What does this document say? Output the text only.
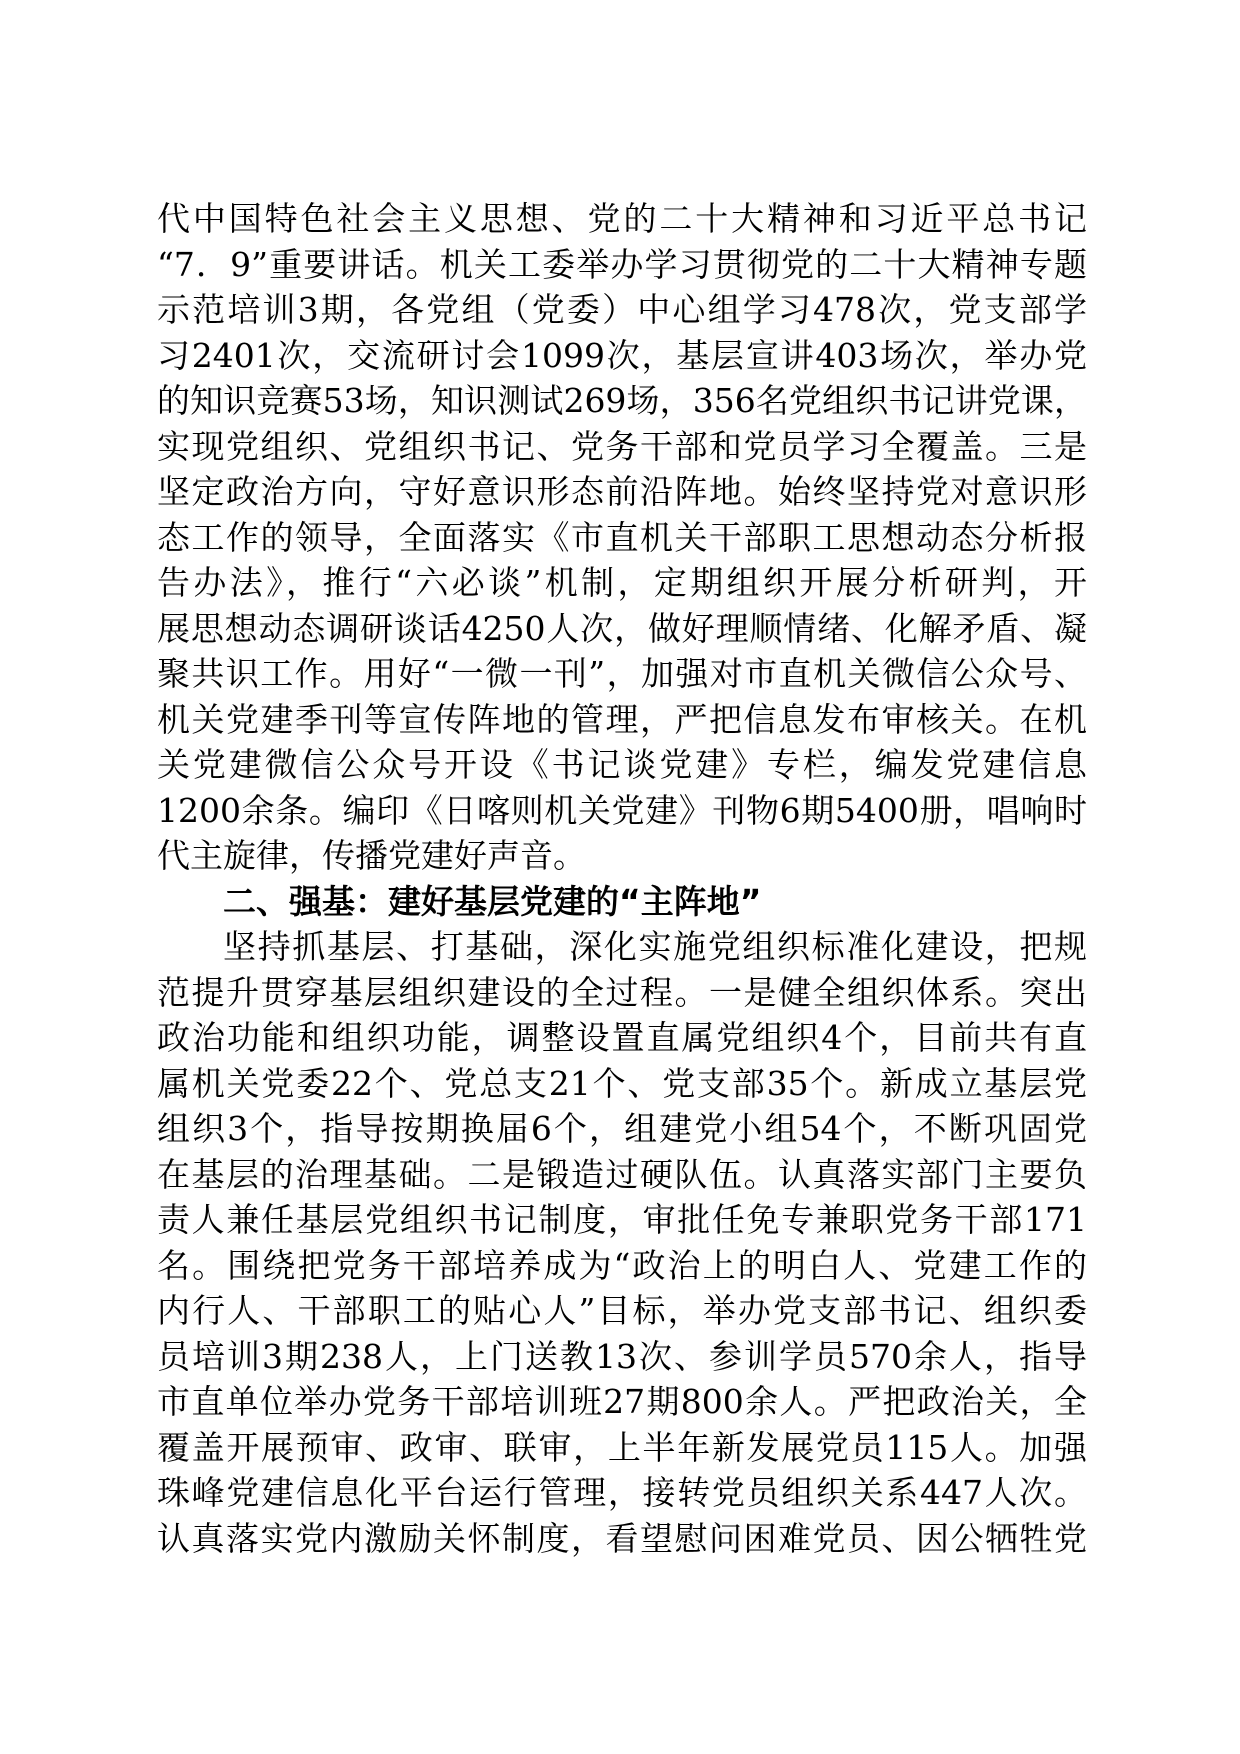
代中国特色社会主义思想、党的二十大精神和习近平总书记
“7．9”重要讲话。机关工委举办学习贯彻党的二十大精神专题
示范培训3期，各党组（党委）中心组学习478次，党支部学
习2401次，交流研讨会1099次，基层宣讲403场次，举办党
的知识竞赛53场，知识测试269场，356名党组织书记讲党课，
实现党组织、党组织书记、党务干部和党员学习全覆盖。三是
坚定政治方向，守好意识形态前沿阵地。始终坚持党对意识形
态工作的领导，全面落实《市直机关干部职工思想动态分析报
告办法》，推行“六必谈”机制，定期组织开展分析研判，开
展思想动态调研谈话4250人次，做好理顺情绪、化解矛盾、凝
聚共识工作。用好“一微一刊”，加强对市直机关微信公众号、
机关党建季刊等宣传阵地的管理，严把信息发布审核关。在机
关党建微信公众号开设《书记谈党建》专栏，编发党建信息
1200余条。编印《日喀则机关党建》刊物6期5400册，唱响时
代主旋律，传播党建好声音。
二、强基：建好基层党建的“主阵地”
坚持抓基层、打基础，深化实施党组织标准化建设，把规
范提升贯穿基层组织建设的全过程。一是健全组织体系。突出
政治功能和组织功能，调整设置直属党组织4个，目前共有直
属机关党委22个、党总支21个、党支部35个。新成立基层党
组织3个，指导按期换届6个，组建党小组54个，不断巩固党
在基层的治理基础。二是锻造过硬队伍。认真落实部门主要负
责人兼任基层党组织书记制度，审批任免专兼职党务干部171
名。围绕把党务干部培养成为“政治上的明白人、党建工作的
内行人、干部职工的贴心人”目标，举办党支部书记、组织委
员培训3期238人，上门送教13次、参训学员570余人，指导
市直单位举办党务干部培训班27期800余人。严把政治关，全
覆盖开展预审、政审、联审，上半年新发展党员115人。加强
珠峰党建信息化平台运行管理，接转党员组织关系447人次。
认真落实党内激励关怀制度，看望慰问困难党员、因公牺牲党
